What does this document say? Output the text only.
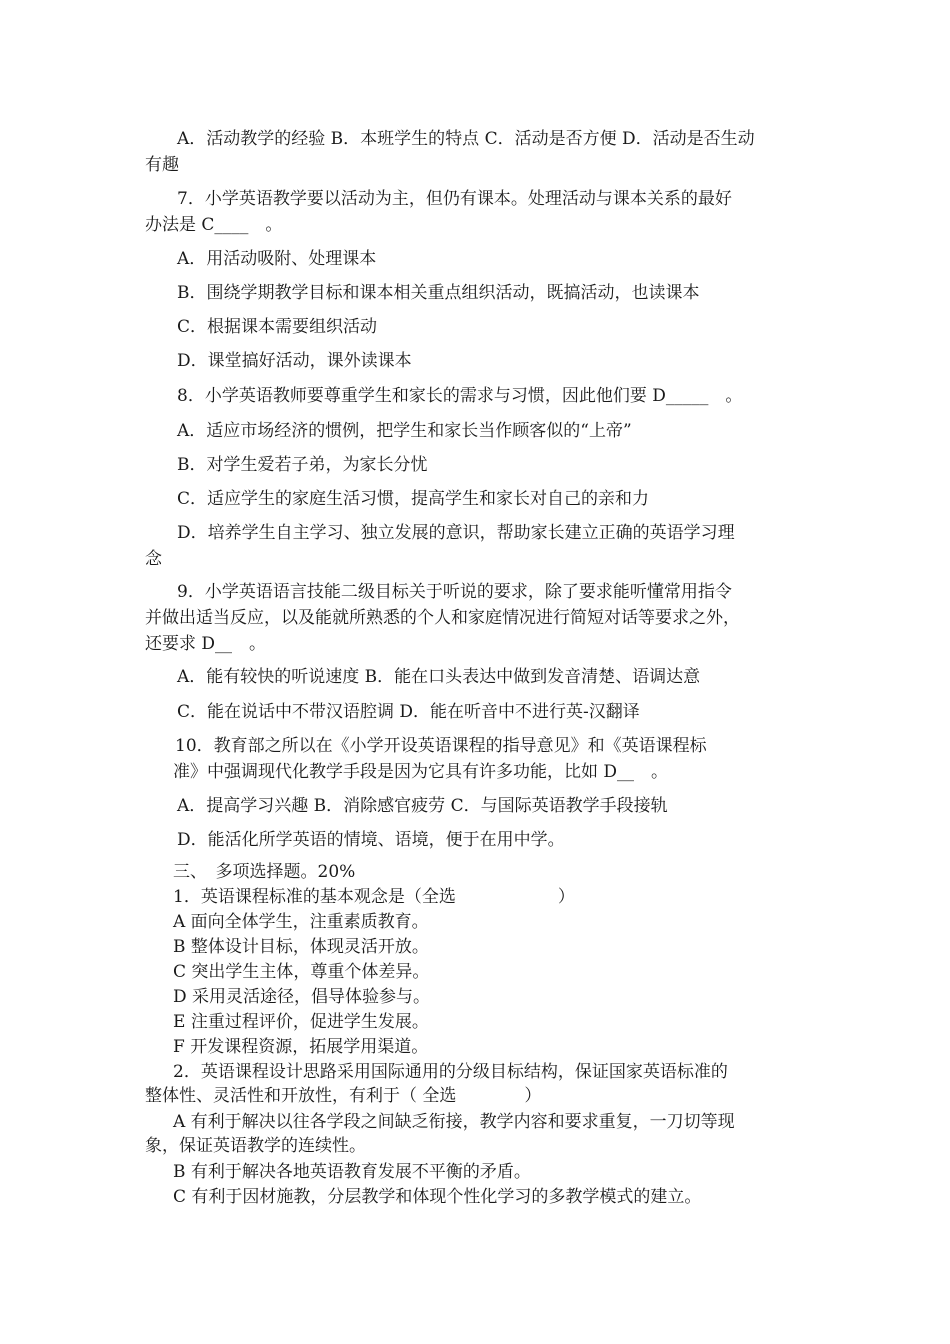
A．活动教学的经验 B．本班学生的特点 C．活动是否方便 D．活动是否生动
有趣
7．小学英语教学要以活动为主，但仍有课本。处理活动与课本关系的最好
办法是 C____　。
A．用活动吸附、处理课本
B．围绕学期教学目标和课本相关重点组织活动，既搞活动，也读课本
C．根据课本需要组织活动
D．课堂搞好活动，课外读课本
8．小学英语教师要尊重学生和家长的需求与习惯，因此他们要 D_____　。
A．适应市场经济的惯例，把学生和家长当作顾客似的“上帝”
B．对学生爱若子弟，为家长分忧
C．适应学生的家庭生活习惯，提高学生和家长对自己的亲和力
D．培养学生自主学习、独立发展的意识，帮助家长建立正确的英语学习理
念
9．小学英语语言技能二级目标关于听说的要求，除了要求能听懂常用指令
并做出适当反应，以及能就所熟悉的个人和家庭情况进行简短对话等要求之外，
还要求 D__　。
A．能有较快的听说速度 B．能在口头表达中做到发音清楚、语调达意
C．能在说话中不带汉语腔调 D．能在听音中不进行英-汉翻译
10．教育部之所以在《小学开设英语课程的指导意见》和《英语课程标
准》中强调现代化教学手段是因为它具有许多功能，比如 D__　。
A．提高学习兴趣 B．消除感官疲劳 C．与国际英语教学手段接轨
D．能活化所学英语的情境、语境，便于在用中学。
三、　多项选择题。20%
1．英语课程标准的基本观念是（全选　　　　　　）
A 面向全体学生，注重素质教育。
B 整体设计目标，体现灵活开放。
C 突出学生主体，尊重个体差异。
D 采用灵活途径，倡导体验参与。
E 注重过程评价，促进学生发展。
F 开发课程资源，拓展学用渠道。
2．英语课程设计思路采用国际通用的分级目标结构，保证国家英语标准的
整体性、灵活性和开放性，有利于（ 全选　　　　）
A 有利于解决以往各学段之间缺乏衔接，教学内容和要求重复，一刀切等现
象，保证英语教学的连续性。
B 有利于解决各地英语教育发展不平衡的矛盾。
C 有利于因材施教，分层教学和体现个性化学习的多教学模式的建立。
